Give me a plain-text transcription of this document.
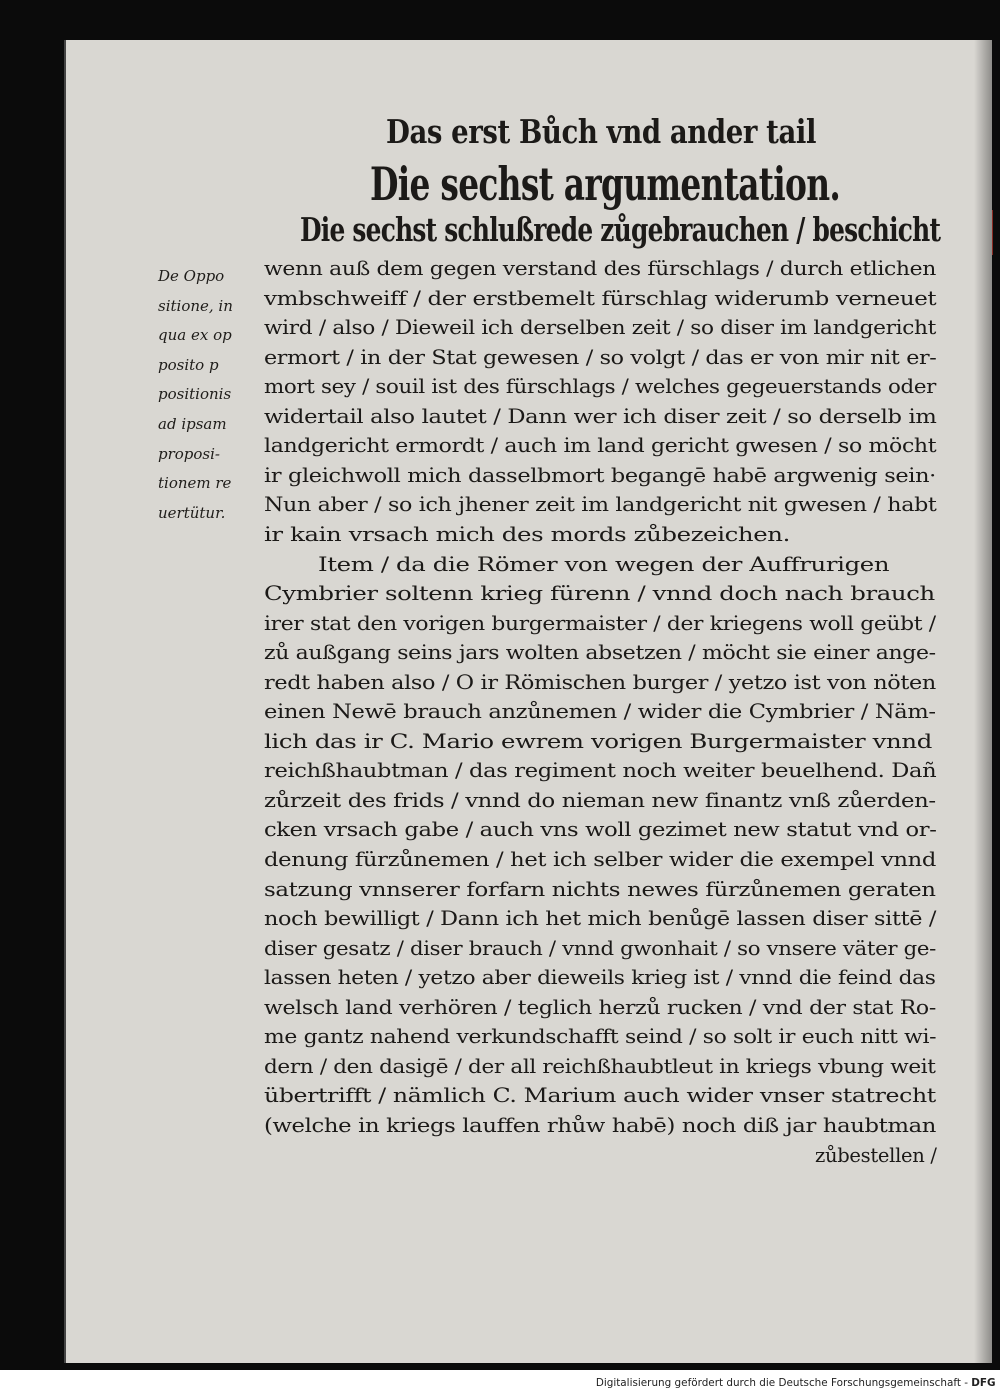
Das erst Bůch vnd ander tail
Die sechst argumentation.
Die sechst schlußrede zůgebrauchen / beschicht
De Oppo
sitione, in
qua ex op
posito p
positionis
ad ipsam
proposi-
tionem re
uertütur.
wenn auß dem gegen verstand des fürschlags / durch etlichen
vmbschweiff / der erstbemelt fürschlag widerumb verneuet
wird / also / Dieweil ich derselben zeit / so diser im landgericht
ermort / in der Stat gewesen / so volgt / das er von mir nit er-
mort sey / souil ist des fürschlags / welches gegeuerstands oder
widertail also lautet / Dann wer ich diser zeit / so derselb im
landgericht ermordt / auch im land gericht gwesen / so möcht
ir gleichwoll mich dasselbmort begangē habē argwenig sein·
Nun aber / so ich jhener zeit im landgericht nit gwesen / habt
ir kain vrsach mich des mords zůbezeichen.
Item / da die Römer von wegen der Auffrurigen
Cymbrier soltenn krieg fürenn / vnnd doch nach brauch
irer stat den vorigen burgermaister / der kriegens woll geübt /
zů außgang seins jars wolten absetzen / möcht sie einer ange-
redt haben also / O ir Römischen burger / yetzo ist von nöten
einen Newē brauch anzůnemen / wider die Cymbrier / Näm-
lich das ir C. Mario ewrem vorigen Burgermaister vnnd
reichßhaubtman / das regiment noch weiter beuelhend. Dañ
zůrzeit des frids / vnnd do nieman new finantz vnß zůerden-
cken vrsach gabe / auch vns woll gezimet new statut vnd or-
denung fürzůnemen / het ich selber wider die exempel vnnd
satzung vnnserer forfarn nichts newes fürzůnemen geraten
noch bewilligt / Dann ich het mich benůgē lassen diser sittē /
diser gesatz / diser brauch / vnnd gwonhait / so vnsere väter ge-
lassen heten / yetzo aber dieweils krieg ist / vnnd die feind das
welsch land verhören / teglich herzů rucken / vnd der stat Ro-
me gantz nahend verkundschafft seind / so solt ir euch nitt wi-
dern / den dasigē / der all reichßhaubtleut in kriegs vbung weit
übertrifft / nämlich C. Marium auch wider vnser statrecht
(welche in kriegs lauffen rhůw habē) noch diß jar haubtman
zůbestellen /
Digitalisierung gefördert durch die Deutsche Forschungsgemeinschaft - DFG
